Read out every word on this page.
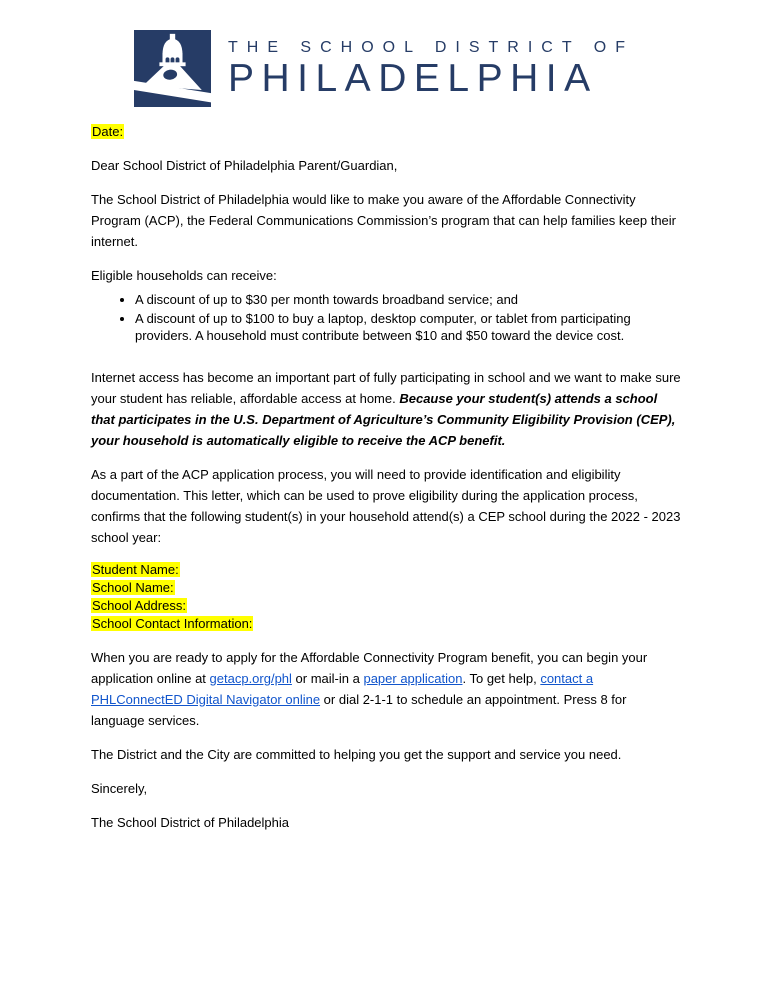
THE SCHOOL DISTRICT OF
PHILADELPHIA

Date:

Dear School District of Philadelphia Parent/Guardian,

The School District of Philadelphia would like to make you aware of the Affordable Connectivity Program (ACP), the Federal Communications Commission’s program that can help families keep their internet.

Eligible households can receive:

• A discount of up to $30 per month towards broadband service; and
• A discount of up to $100 to buy a laptop, desktop computer, or tablet from participating providers. A household must contribute between $10 and $50 toward the device cost.

Internet access has become an important part of fully participating in school and we want to make sure your student has reliable, affordable access at home. Because your student(s) attends a school that participates in the U.S. Department of Agriculture’s Community Eligibility Provision (CEP), your household is automatically eligible to receive the ACP benefit.

As a part of the ACP application process, you will need to provide identification and eligibility documentation. This letter, which can be used to prove eligibility during the application process, confirms that the following student(s) in your household attend(s) a CEP school during the 2022 - 2023 school year:

Student Name:
School Name:
School Address:
School Contact Information:

When you are ready to apply for the Affordable Connectivity Program benefit, you can begin your application online at getacp.org/phl or mail-in a paper application. To get help, contact a PHLConnectED Digital Navigator online or dial 2-1-1 to schedule an appointment. Press 8 for language services.

The District and the City are committed to helping you get the support and service you need.

Sincerely,

The School District of Philadelphia
